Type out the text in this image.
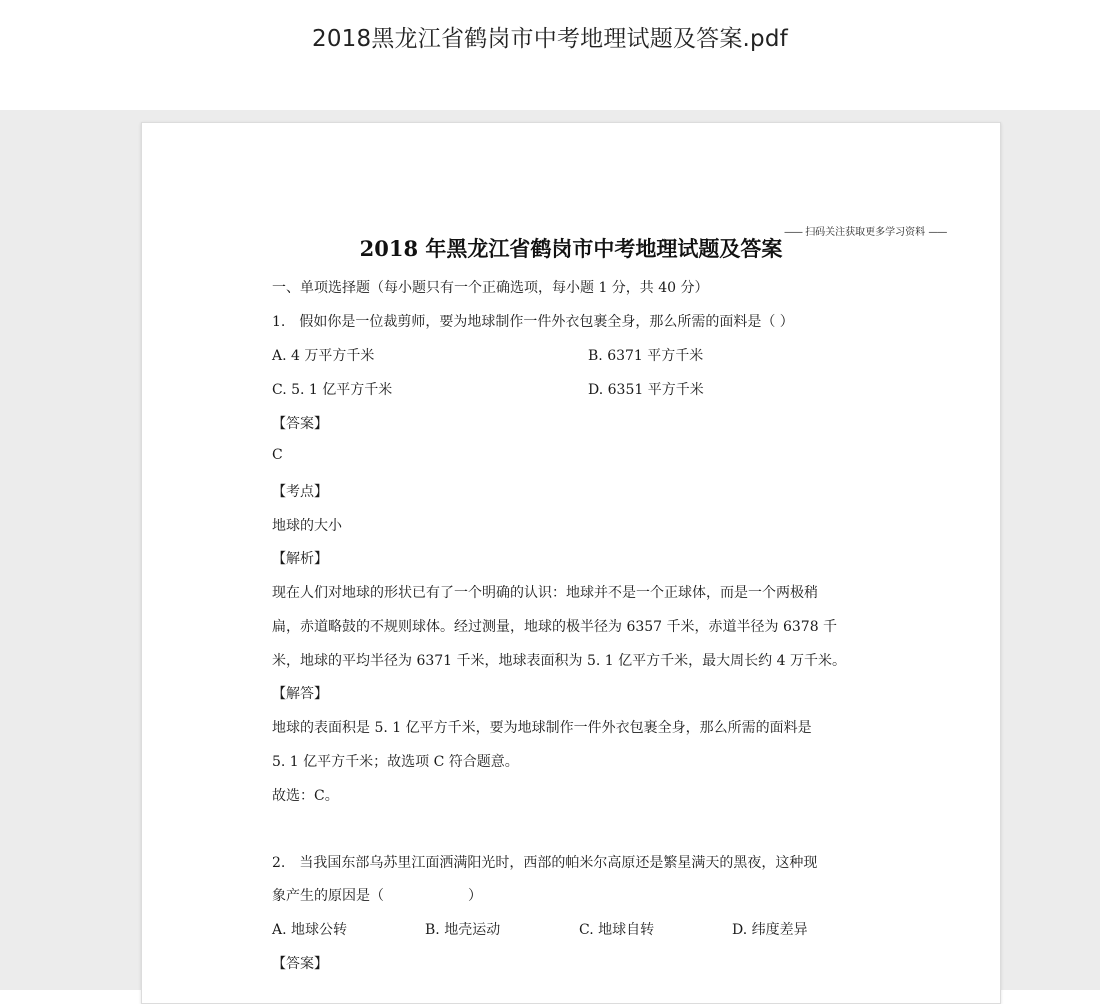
2018黑龙江省鹤岗市中考地理试题及答案.pdf
—— 扫码关注获取更多学习资料 ——
2018 年黑龙江省鹤岗市中考地理试题及答案
一、单项选择题（每小题只有一个正确选项，每小题 1 分，共 40 分）
1.　假如你是一位裁剪师，要为地球制作一件外衣包裹全身，那么所需的面料是（ ）
A. 4 万平方千米	B. 6371 平方千米
C. 5. 1 亿平方千米	D. 6351 平方千米
【答案】
C
【考点】
地球的大小
【解析】
现在人们对地球的形状已有了一个明确的认识：地球并不是一个正球体，而是一个两极稍
扁，赤道略鼓的不规则球体。经过测量，地球的极半径为 6357 千米，赤道半径为 6378 千
米，地球的平均半径为 6371 千米，地球表面积为 5. 1 亿平方千米，最大周长约 4 万千米。
【解答】
地球的表面积是 5. 1 亿平方千米，要为地球制作一件外衣包裹全身，那么所需的面料是
5. 1 亿平方千米；故选项 C 符合题意。
故选：C。
2.　当我国东部乌苏里江面洒满阳光时，西部的帕米尔高原还是繁星满天的黑夜，这种现
象产生的原因是（　　　　　　）
A. 地球公转	B. 地壳运动	C. 地球自转	D. 纬度差异
【答案】
